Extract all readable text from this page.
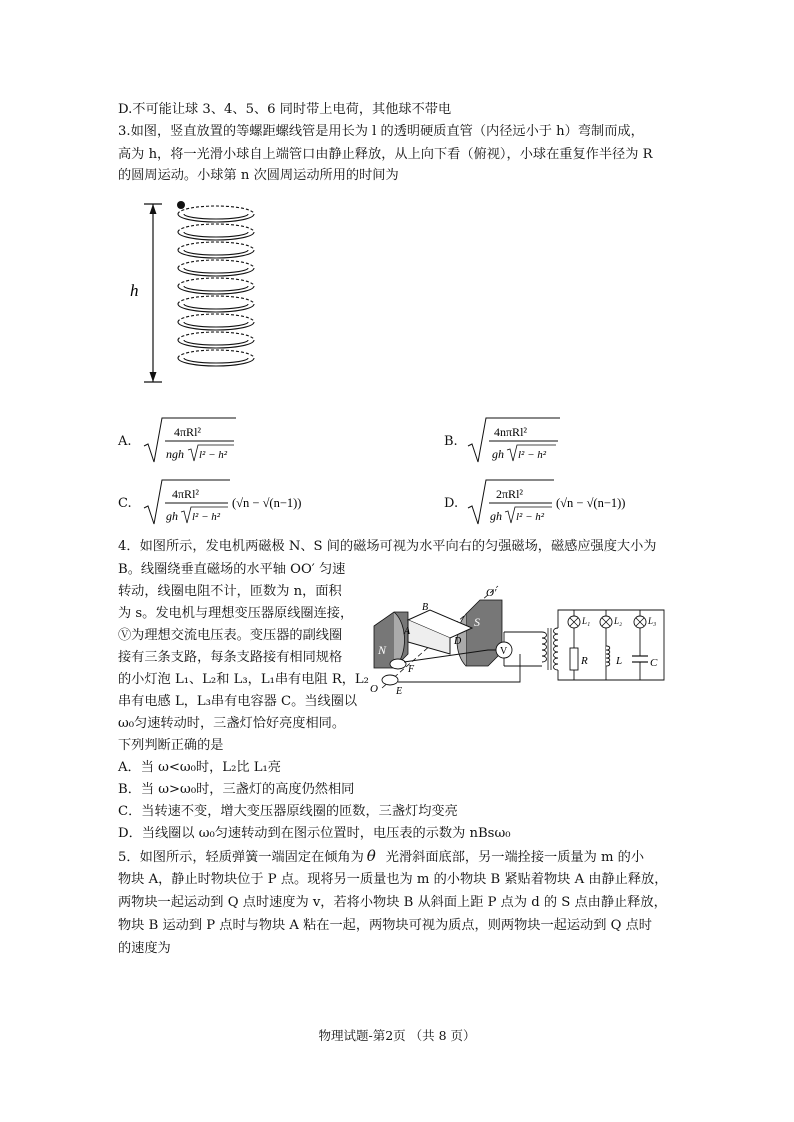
D.不可能让球 3、4、5、6 同时带上电荷，其他球不带电
3.如图，竖直放置的等螺距螺线管是用长为 l 的透明硬质直管（内径远小于 h）弯制而成，
高为 h，将一光滑小球自上端管口由静止释放，从上向下看（俯视），小球在重复作半径为 R
的圆周运动。小球第 n 次圆周运动所用的时间为
h
A.
4πRl²
ngh l² − h²
B.
4nπRl²
gh l² − h²
C.
4πRl²
gh l² − h²
(√n − √(n−1))	D.
2πRl²
gh l² − h²
(√n − √(n−1))
4．如图所示，发电机两磁极 N、S 间的磁场可视为水平向右的匀强磁场，磁感应强度大小为
B。线圈绕垂直磁场的水平轴 OO′ 匀速
转动，线圈电阻不计，匝数为 n，面积
为 s。发电机与理想变压器原线圈连接，
Ⓥ为理想交流电压表。变压器的副线圈
接有三条支路，每条支路接有相同规格
的小灯泡 L₁、L₂和 L₃，L₁串有电阻 R，L₂
串有电感 L，L₃串有电容器 C。当线圈以
ω₀匀速转动时，三盏灯恰好亮度相同。
下列判断正确的是
A．当 ω<ω₀时，L₂比 L₁亮
B．当 ω>ω₀时，三盏灯的高度仍然相同
C．当转速不变，增大变压器原线圈的匝数，三盏灯均变亮
D．当线圈以 ω₀匀速转动到在图示位置时，电压表的示数为 nBsω₀
O′
O
N
S
B
A
D
F
E
V
L₁
R
L₂
L
L₃
C
5．如图所示，轻质弹簧一端固定在倾角为 θ 光滑斜面底部，另一端拴接一质量为 m 的小
物块 A，静止时物块位于 P 点。现将另一质量也为 m 的小物块 B 紧贴着物块 A 由静止释放，
两物块一起运动到 Q 点时速度为 v，若将小物块 B 从斜面上距 P 点为 d 的 S 点由静止释放，
物块 B 运动到 P 点时与物块 A 粘在一起，两物块可视为质点，则两物块一起运动到 Q 点时
的速度为
物理试题-第2页 （共 8 页）
